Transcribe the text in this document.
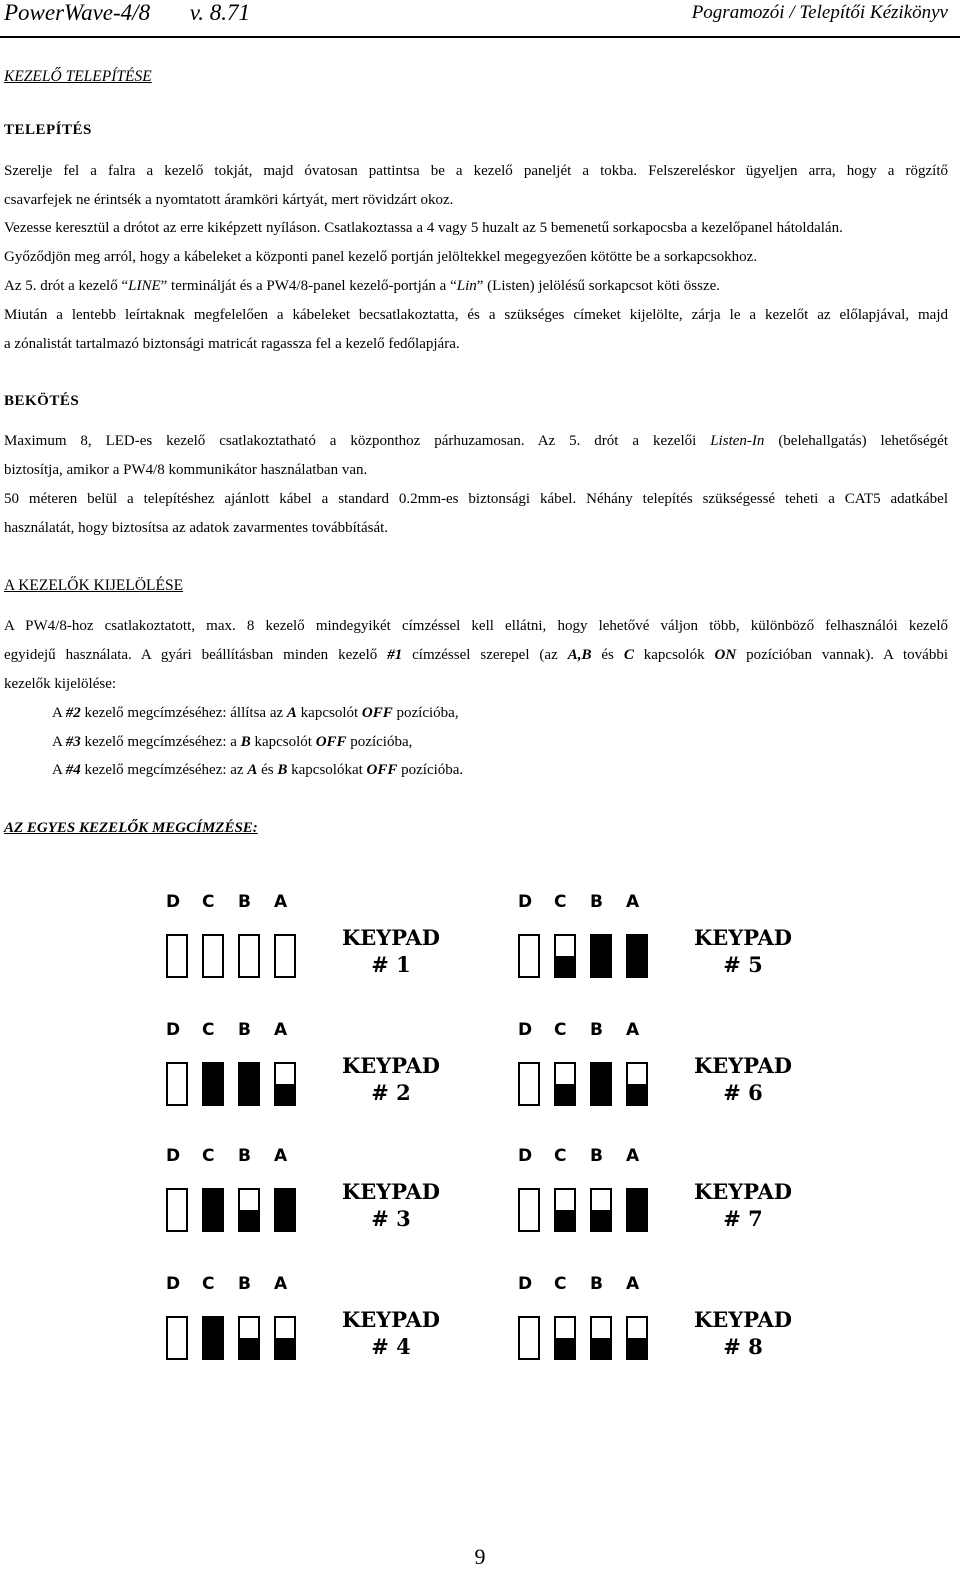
PowerWave-4/8 v. 8.71	Pogramozói / Telepítői Kézikönyv
KEZELŐ TELEPÍTÉSE
TELEPÍTÉS
Szerelje fel a falra a kezelő tokját, majd óvatosan pattintsa be a kezelő paneljét a tokba. Felszereléskor ügyeljen arra, hogy a rögzítő
csavarfejek ne érintsék a nyomtatott áramköri kártyát, mert rövidzárt okoz.
Vezesse keresztül a drótot az erre kiképzett nyíláson. Csatlakoztassa a 4 vagy 5 huzalt az 5 bemenetű sorkapocsba a kezelőpanel hátoldalán.
Győződjön meg arról, hogy a kábeleket a központi panel kezelő portján jelöltekkel megegyezően kötötte be a sorkapcsokhoz.
Az 5. drót a kezelő “LINE” terminálját és a PW4/8-panel kezelő-portján a “Lin” (Listen) jelölésű sorkapcsot köti össze.
Miután a lentebb leírtaknak megfelelően a kábeleket becsatlakoztatta, és a szükséges címeket kijelölte, zárja le a kezelőt az előlapjával, majd
a zónalistát tartalmazó biztonsági matricát ragassza fel a kezelő fedőlapjára.
BEKÖTÉS
Maximum 8, LED-es kezelő csatlakoztatható a központhoz párhuzamosan. Az 5. drót a kezelői Listen-In (belehallgatás) lehetőségét
biztosítja, amikor a PW4/8 kommunikátor használatban van.
50 méteren belül a telepítéshez ajánlott kábel a standard 0.2mm-es biztonsági kábel. Néhány telepítés szükségessé teheti a CAT5 adatkábel
használatát, hogy biztosítsa az adatok zavarmentes továbbítását.
A KEZELŐK KIJELÖLÉSE
A PW4/8-hoz csatlakoztatott, max. 8 kezelő mindegyikét címzéssel kell ellátni, hogy lehetővé váljon több, különböző felhasználói kezelő
egyidejű használata. A gyári beállításban minden kezelő #1 címzéssel szerepel (az A,B és C kapcsolók ON pozícióban vannak). A további
kezelők kijelölése:
A #2 kezelő megcímzéséhez: állítsa az A kapcsolót OFF pozícióba,
A #3 kezelő megcímzéséhez: a B kapcsolót OFF pozícióba,
A #4 kezelő megcímzéséhez: az A és B kapcsolókat OFF pozícióba.
AZ EGYES KEZELŐK MEGCÍMZÉSE:
D C B A
KEYPAD
# 1
D C B A
KEYPAD
# 2
D C B A
KEYPAD
# 3
D C B A
KEYPAD
# 4
D C B A
KEYPAD
# 5
D C B A
KEYPAD
# 6
D C B A
KEYPAD
# 7
D C B A
KEYPAD
# 8
9
